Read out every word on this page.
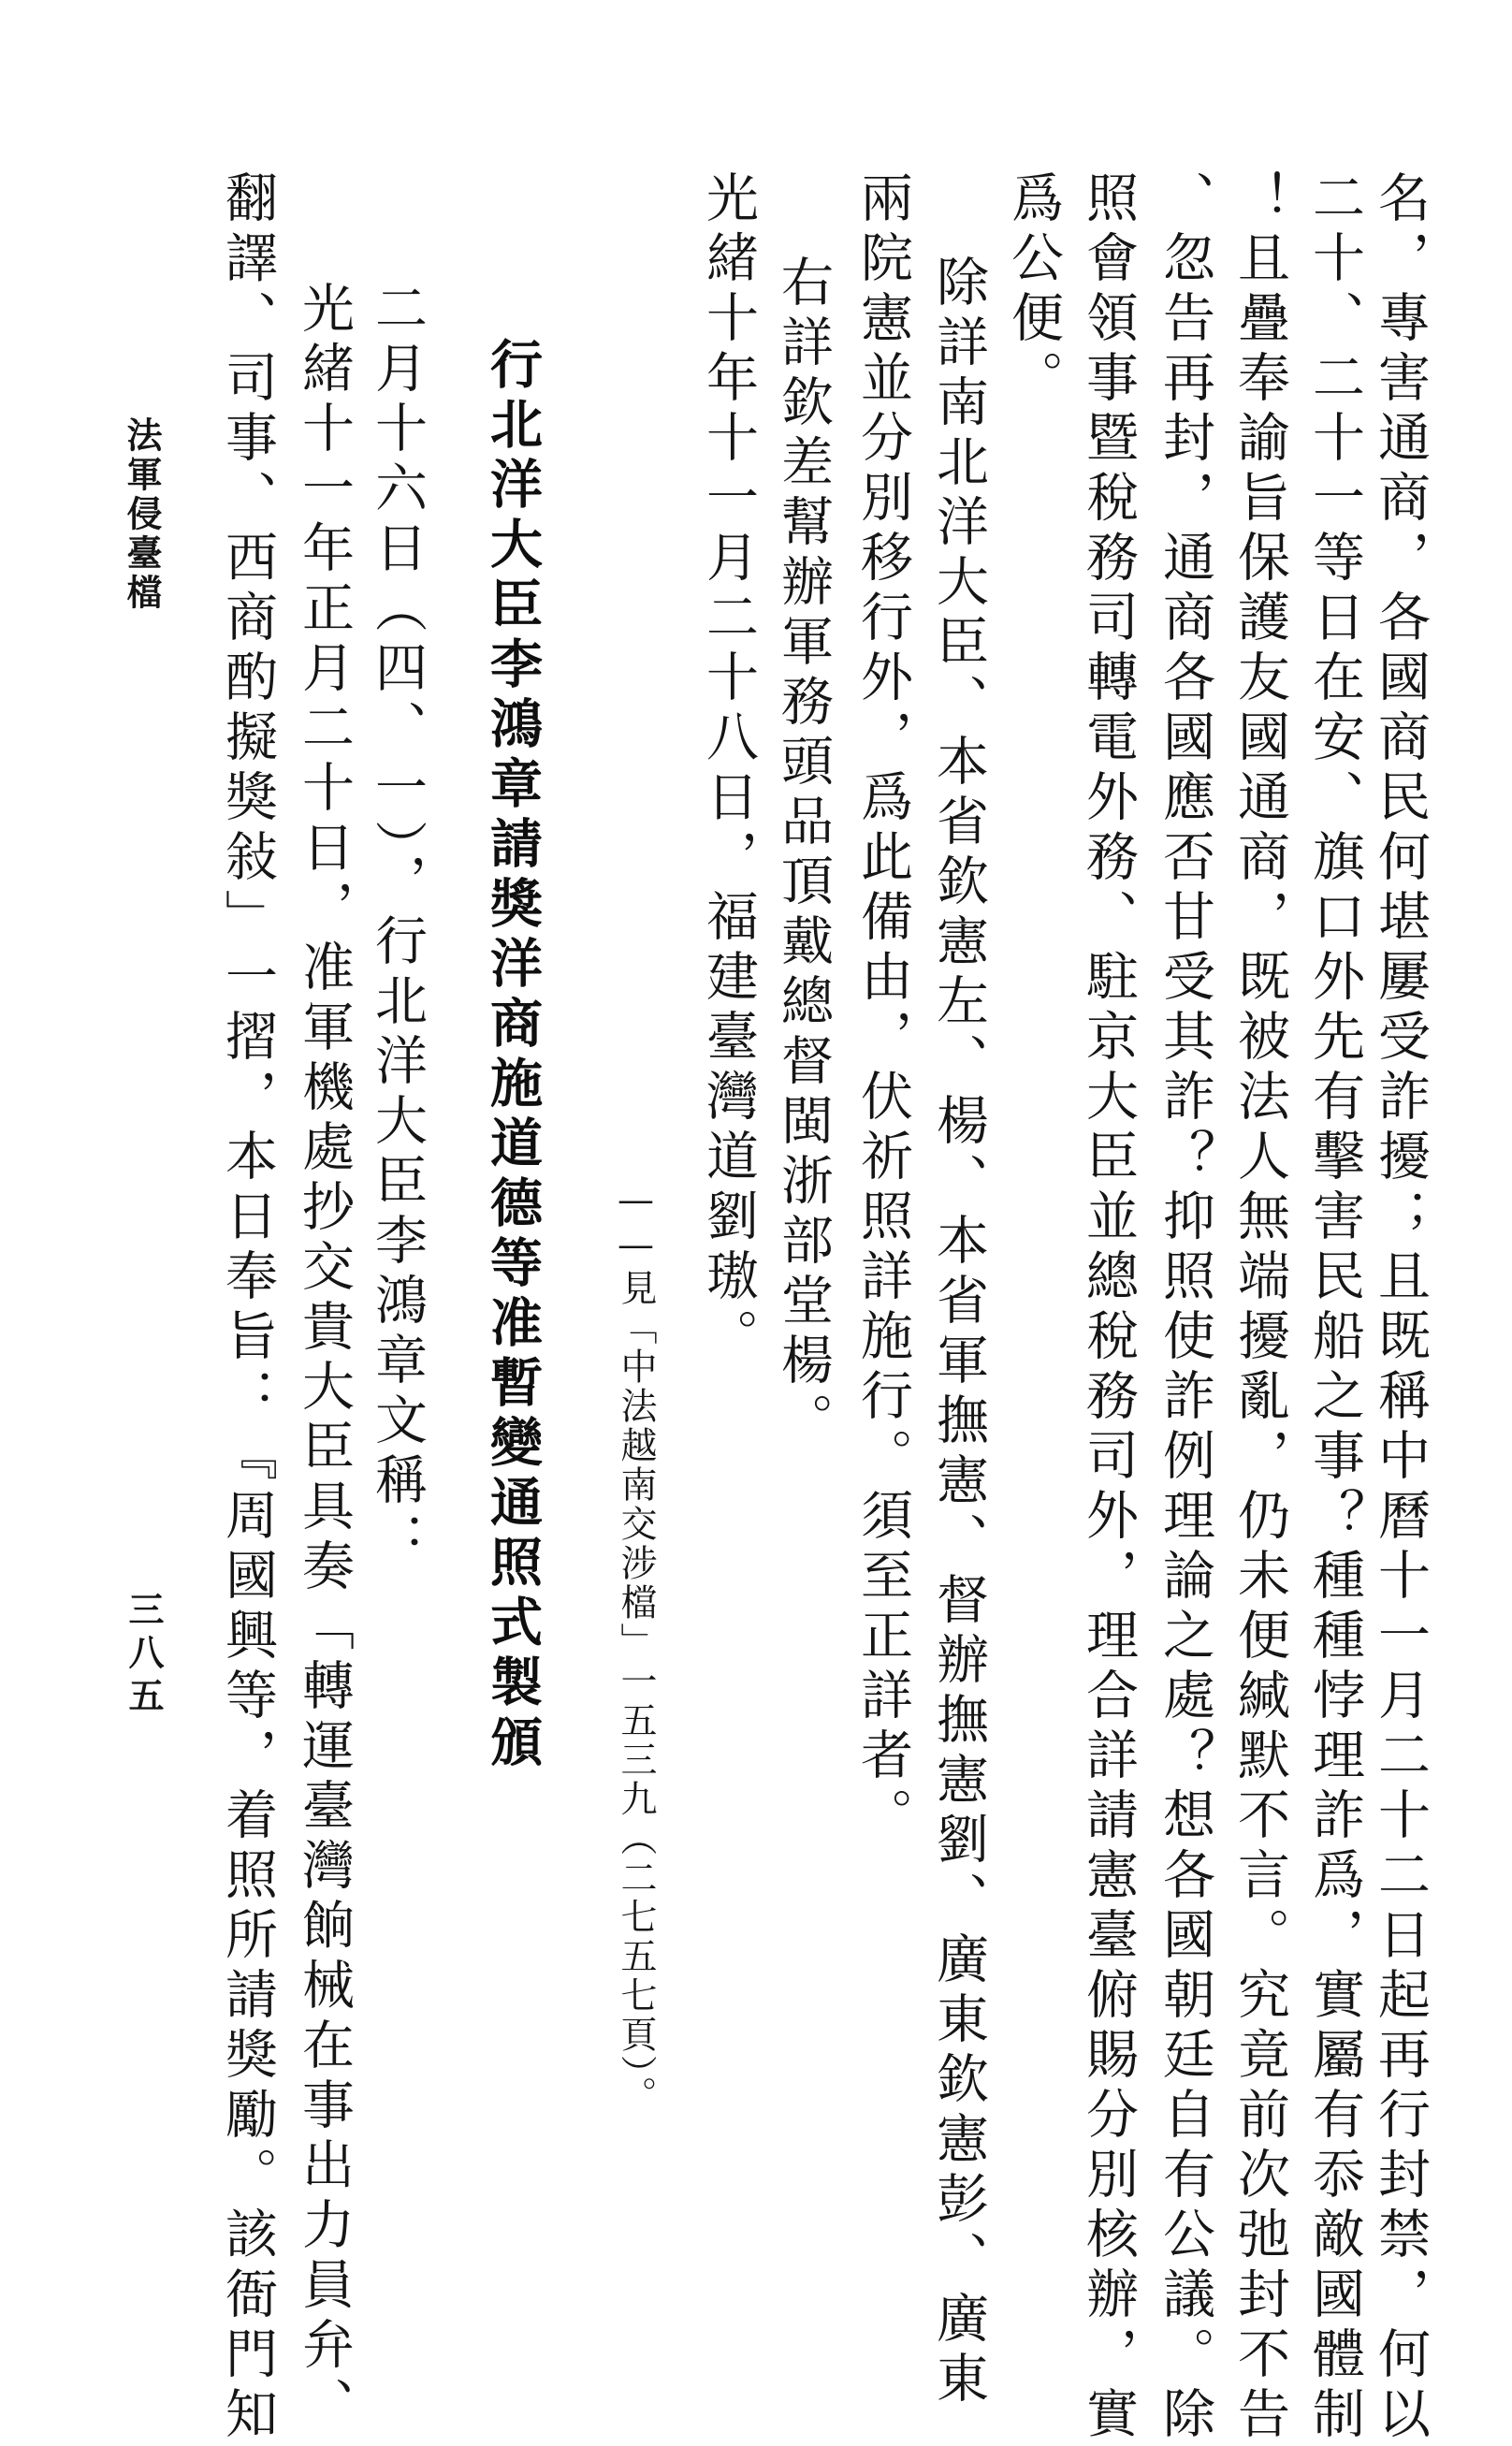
名，專害通商，各國商民何堪屢受詐擾；且既稱中曆十一月二十二日起再行封禁，何以
二十、二十一等日在安、旗口外先有擊害民船之事？種種悖理詐爲，實屬有忝敵國體制
！且疊奉諭旨保護友國通商，既被法人無端擾亂，仍未便緘默不言。究竟前次弛封不告
、忽告再封，通商各國應否甘受其詐？抑照使詐例理論之處？想各國朝廷自有公議。除
照會領事暨稅務司轉電外務、駐京大臣並總稅務司外，理合詳請憲臺俯賜分別核辦，實
爲公便。
除詳南北洋大臣、本省欽憲左、楊、本省軍撫憲、督辦撫憲劉、廣東欽憲彭、廣東
兩院憲並分別移行外，爲此備由，伏祈照詳施行。須至正詳者。
右詳欽差幫辦軍務頭品頂戴總督閩浙部堂楊。
光緒十年十一月二十八日，福建臺灣道劉璈。
——見「中法越南交涉檔」一五三九（二七五七頁）。
行北洋大臣李鴻章請獎洋商施道德等准暫變通照式製頒
二月十六日（四、一），行北洋大臣李鴻章文稱：
光緒十一年正月二十日，准軍機處抄交貴大臣具奏「轉運臺灣餉械在事出力員弁、
翻譯、司事、西商酌擬獎敍」一摺，本日奉旨：『周國興等，着照所請獎勵。該衙門知
法軍侵臺檔
三八五
